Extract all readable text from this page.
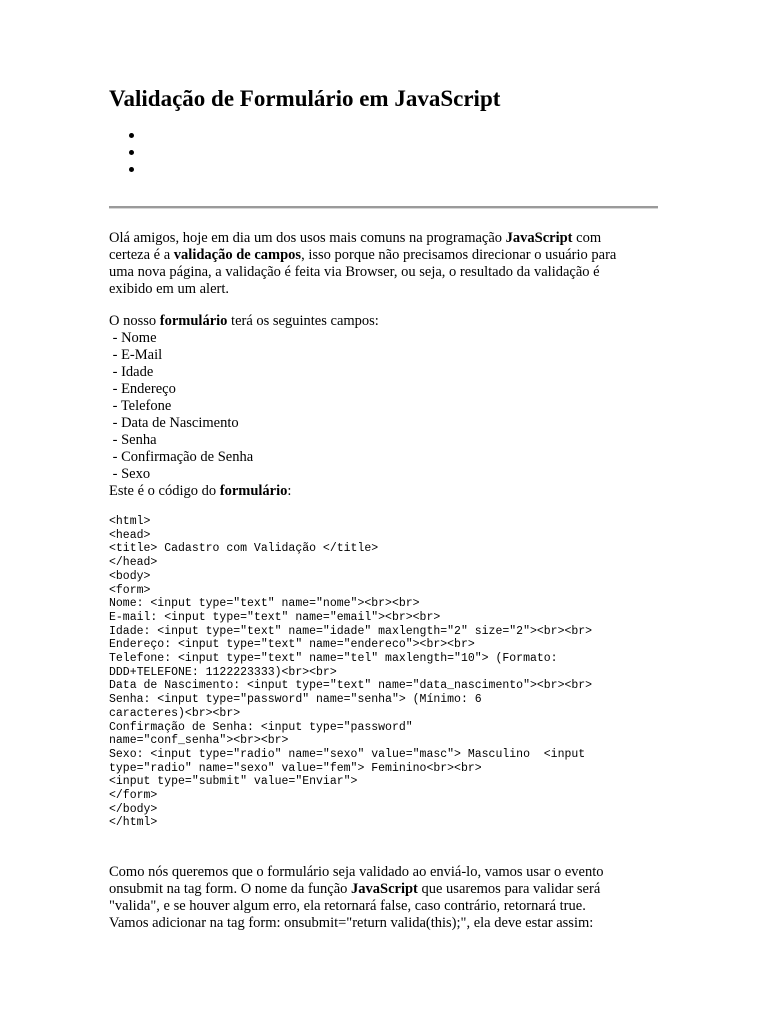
Validação de Formulário em JavaScript

Olá amigos, hoje em dia um dos usos mais comuns na programação JavaScript com
certeza é a validação de campos, isso porque não precisamos direcionar o usuário para
uma nova página, a validação é feita via Browser, ou seja, o resultado da validação é
exibido em um alert.

O nosso formulário terá os seguintes campos:
- Nome
- E-Mail
- Idade
- Endereço
- Telefone
- Data de Nascimento
- Senha
- Confirmação de Senha
- Sexo
Este é o código do formulário:

<html>
<head>
<title> Cadastro com Validação </title>
</head>
<body>
<form>
Nome: <input type="text" name="nome"><br><br>
E-mail: <input type="text" name="email"><br><br>
Idade: <input type="text" name="idade" maxlength="2" size="2"><br><br>
Endereço: <input type="text" name="endereco"><br><br>
Telefone: <input type="text" name="tel" maxlength="10"> (Formato:
DDD+TELEFONE: 1122223333)<br><br>
Data de Nascimento: <input type="text" name="data_nascimento"><br><br>
Senha: <input type="password" name="senha"> (Mínimo: 6
caracteres)<br><br>
Confirmação de Senha: <input type="password"
name="conf_senha"><br><br>
Sexo: <input type="radio" name="sexo" value="masc"> Masculino  <input
type="radio" name="sexo" value="fem"> Feminino<br><br>
<input type="submit" value="Enviar">
</form>
</body>
</html>

Como nós queremos que o formulário seja validado ao enviá-lo, vamos usar o evento
onsubmit na tag form. O nome da função JavaScript que usaremos para validar será
"valida", e se houver algum erro, ela retornará false, caso contrário, retornará true.
Vamos adicionar na tag form: onsubmit="return valida(this);", ela deve estar assim:
